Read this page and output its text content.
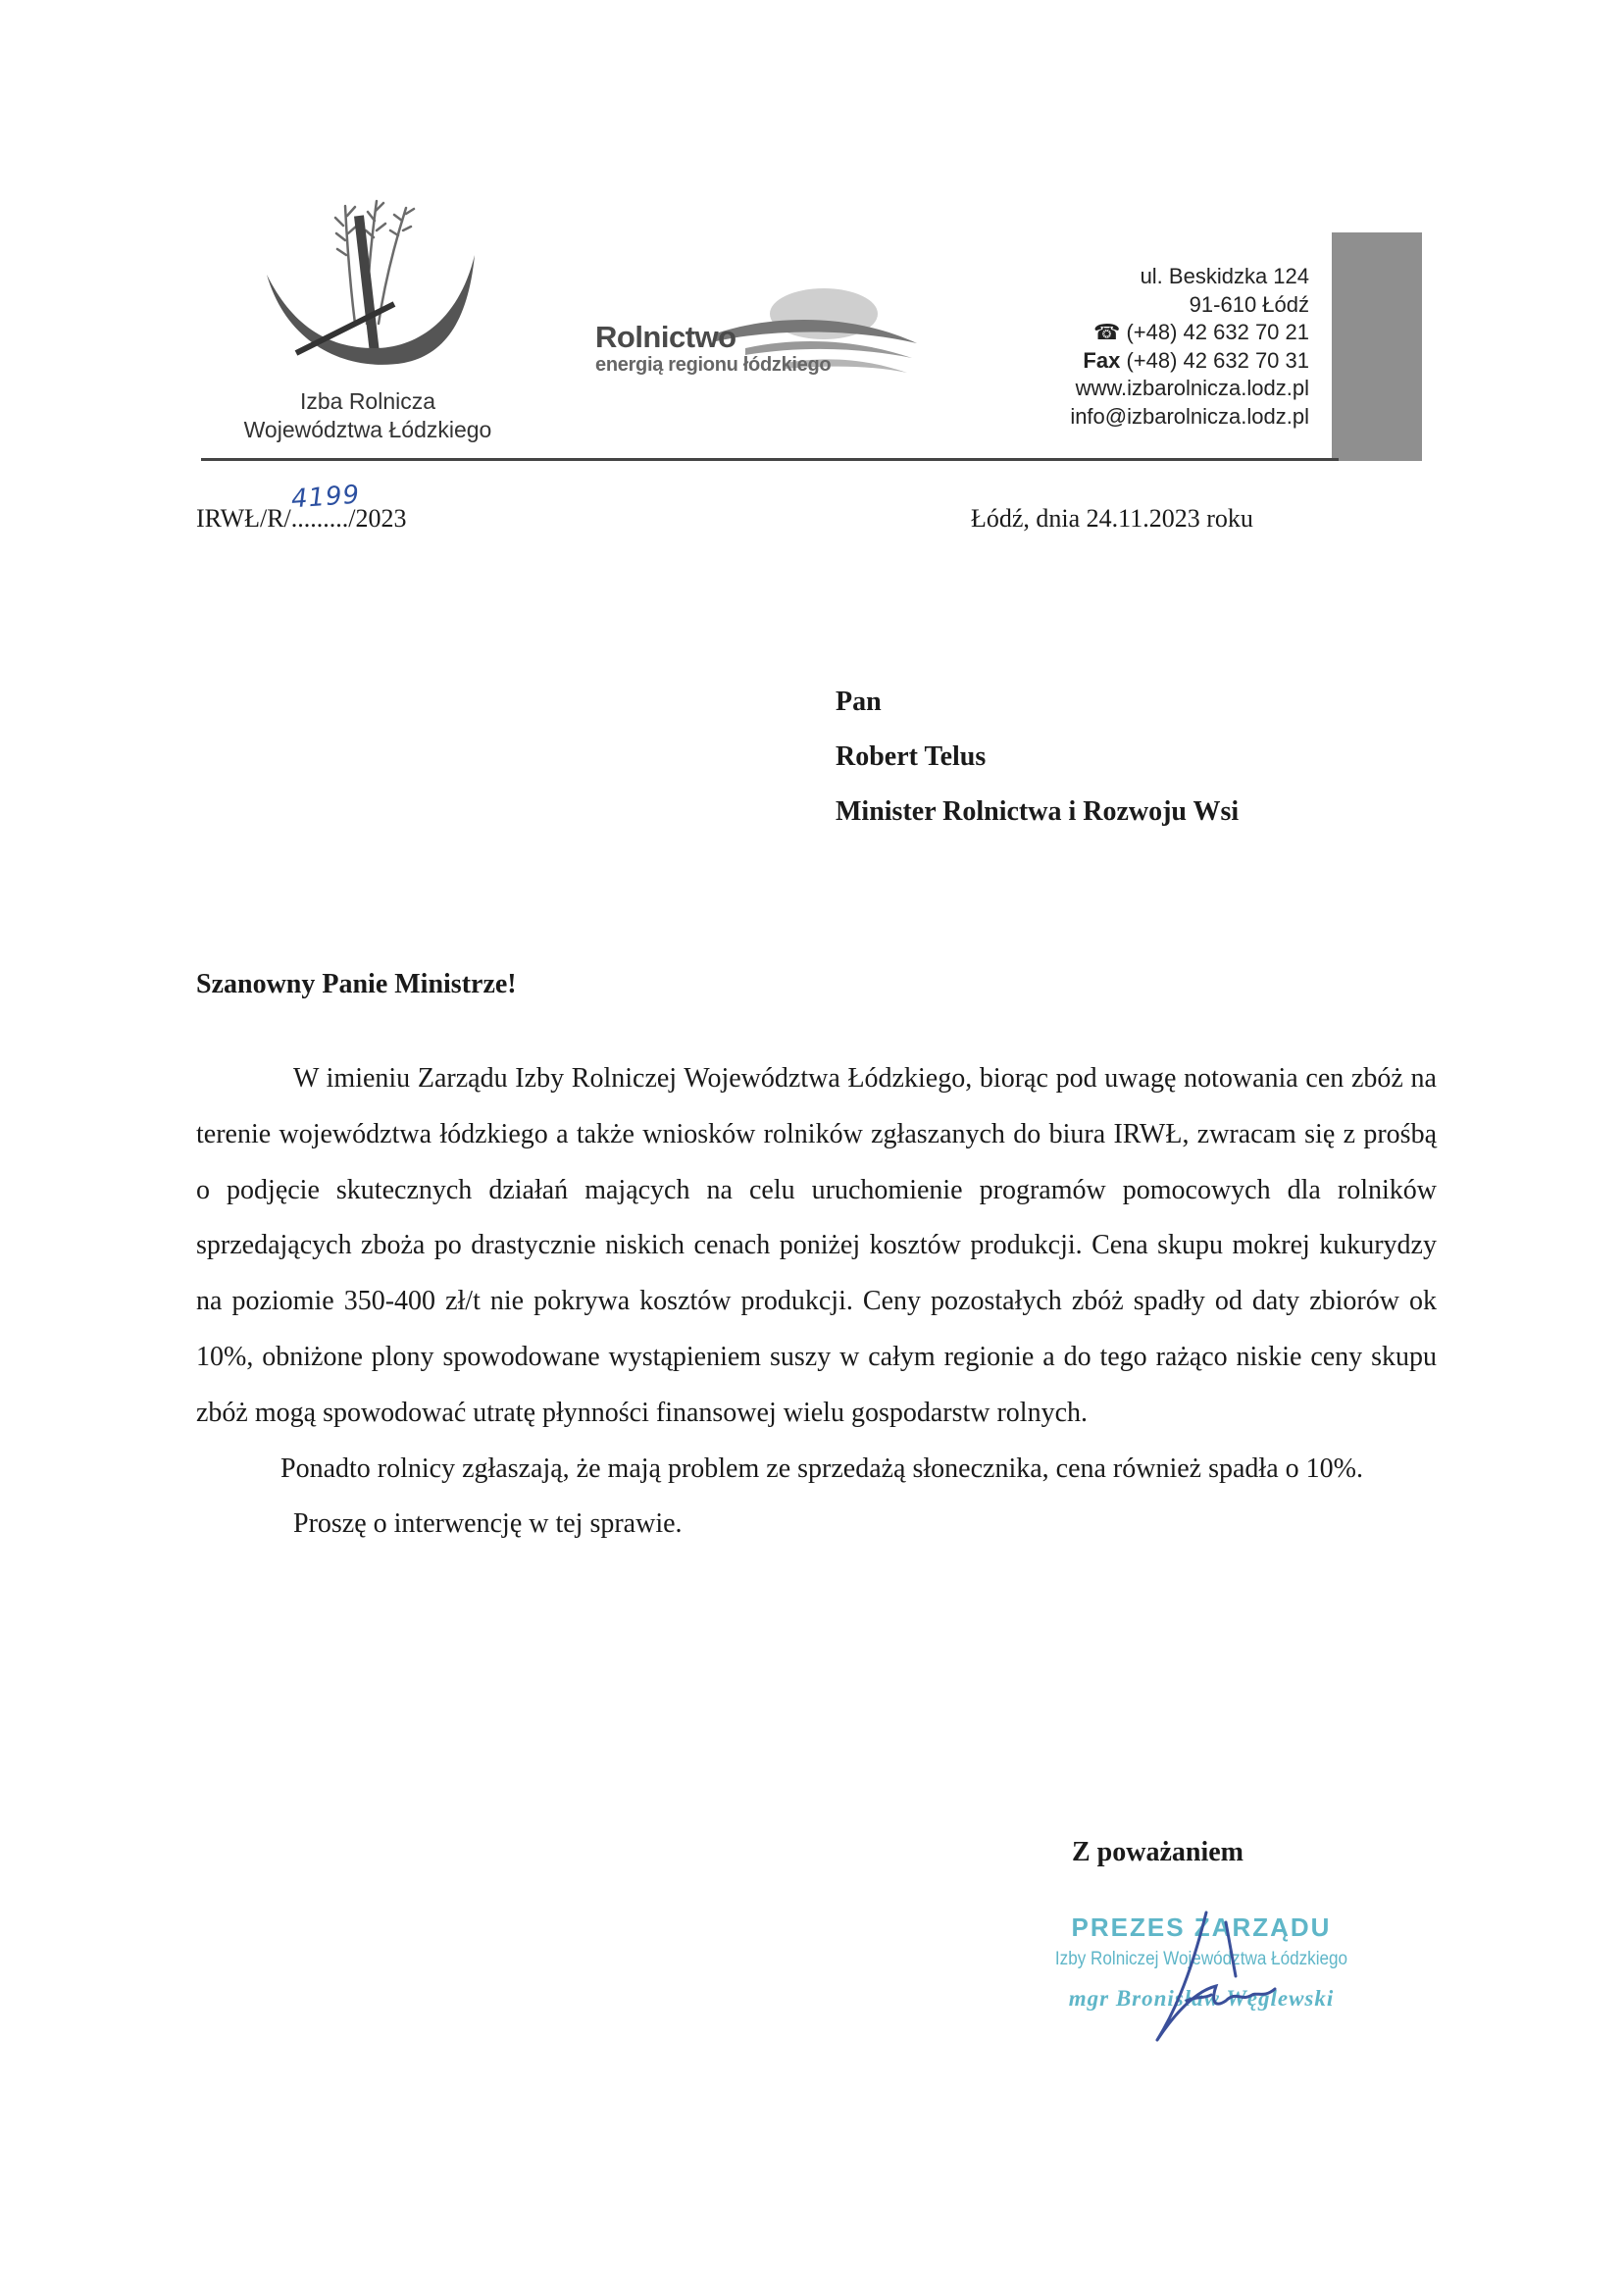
Izba Rolnicza
Województwa Łódzkiego
Rolnictwo
energią regionu łódzkiego
ul. Beskidzka 124
91-610 Łódź
☎ (+48) 42 632 70 21
Fax (+48) 42 632 70 31
www.izbarolnicza.lodz.pl
info@izbarolnicza.lodz.pl
IRWŁ/R/........./2023
4199
Łódź, dnia 24.11.2023 roku
Pan
Robert Telus
Minister Rolnictwa i Rozwoju Wsi
Szanowny Panie Ministrze!

W imieniu Zarządu Izby Rolniczej Województwa Łódzkiego, biorąc pod uwagę notowania cen zbóż na terenie województwa łódzkiego a także wniosków rolników zgłaszanych do biura IRWŁ, zwracam się z prośbą o podjęcie skutecznych działań mających na celu uruchomienie programów pomocowych dla rolników sprzedających zboża po drastycznie niskich cenach poniżej kosztów produkcji. Cena skupu mokrej kukurydzy na poziomie 350-400 zł/t nie pokrywa kosztów produkcji. Ceny pozostałych zbóż spadły od daty zbiorów ok 10%, obniżone plony spowodowane wystąpieniem suszy w całym regionie a do tego rażąco niskie ceny skupu zbóż mogą spowodować utratę płynności finansowej wielu gospodarstw rolnych.

Ponadto rolnicy zgłaszają, że mają problem ze sprzedażą słonecznika, cena również spadła o 10%.

Proszę o interwencję w tej sprawie.

Z poważaniem
PREZES ZARZĄDU
Izby Rolniczej Województwa Łódzkiego
mgr Bronisław Węglewski
